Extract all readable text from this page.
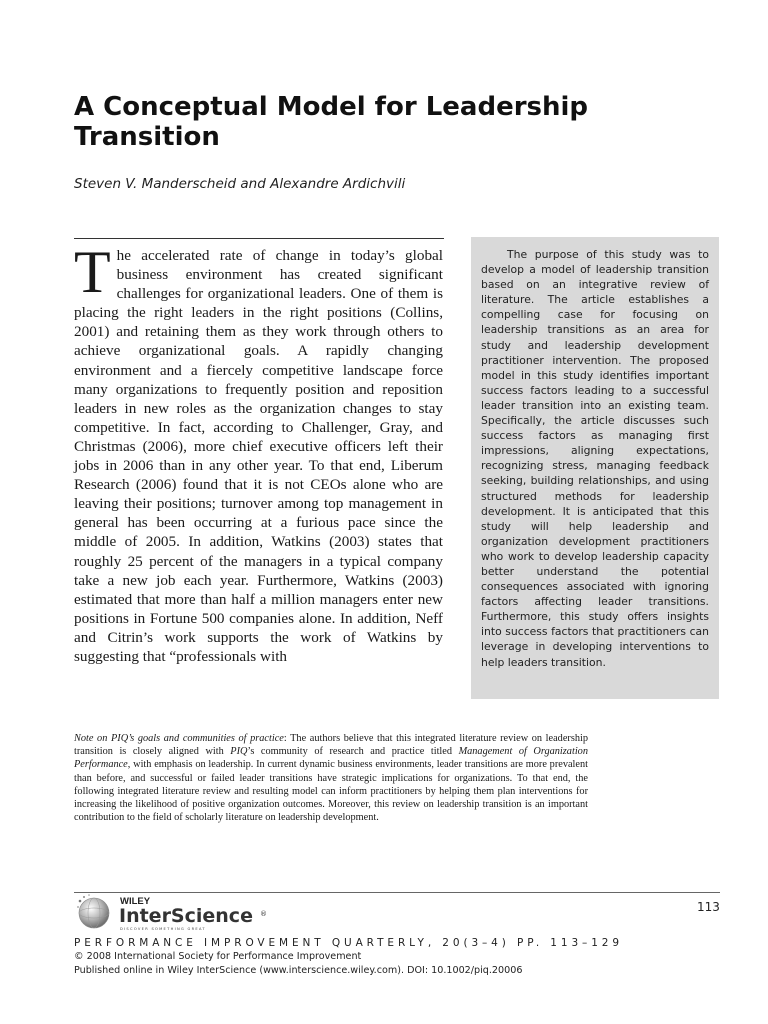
A Conceptual Model for Leadership Transition

Steven V. Manderscheid and Alexandre Ardichvili

The accelerated rate of change in today’s global business environment has created significant challenges for organizational leaders. One of them is placing the right leaders in the right positions (Collins, 2001) and retaining them as they work through others to achieve organizational goals. A rapidly changing environment and a fiercely competitive landscape force many organizations to frequently position and reposition leaders in new roles as the organization changes to stay competitive. In fact, according to Challenger, Gray, and Christmas (2006), more chief executive officers left their jobs in 2006 than in any other year. To that end, Liberum Research (2006) found that it is not CEOs alone who are leaving their positions; turnover among top management in general has been occurring at a furious pace since the middle of 2005. In addition, Watkins (2003) states that roughly 25 percent of the managers in a typical company take a new job each year. Furthermore, Watkins (2003) estimated that more than half a million managers enter new positions in Fortune 500 companies alone. In addition, Neff and Citrin’s work supports the work of Watkins by suggesting that “professionals with

The purpose of this study was to develop a model of leadership transition based on an integrative review of literature. The article establishes a compelling case for focusing on leadership transitions as an area for study and leadership development practitioner intervention. The proposed model in this study identifies important success factors leading to a successful leader transition into an existing team. Specifically, the article discusses such success factors as managing first impressions, aligning expectations, recognizing stress, managing feedback seeking, building relationships, and using structured methods for leadership development. It is anticipated that this study will help leadership and organization development practitioners who work to develop leadership capacity better understand the potential consequences associated with ignoring factors affecting leader transitions. Furthermore, this study offers insights into success factors that practitioners can leverage in developing interventions to help leaders transition.

Note on PIQ’s goals and communities of practice: The authors believe that this integrated literature review on leadership transition is closely aligned with PIQ’s community of research and practice titled Management of Organization Performance, with emphasis on leadership. In current dynamic business environments, leader transitions are more prevalent than before, and successful or failed leader transitions have strategic implications for organizations. To that end, the following integrated literature review and resulting model can inform practitioners by helping them plan interventions for increasing the likelihood of positive organization outcomes. Moreover, this review on leadership transition is an important contribution to the field of scholarly literature on leadership development.

WILEY
InterScience ®
DISCOVER SOMETHING GREAT

113

PERFORMANCE IMPROVEMENT QUARTERLY, 20(3–4) PP. 113–129

© 2008 International Society for Performance Improvement

Published online in Wiley InterScience (www.interscience.wiley.com). DOI: 10.1002/piq.20006
